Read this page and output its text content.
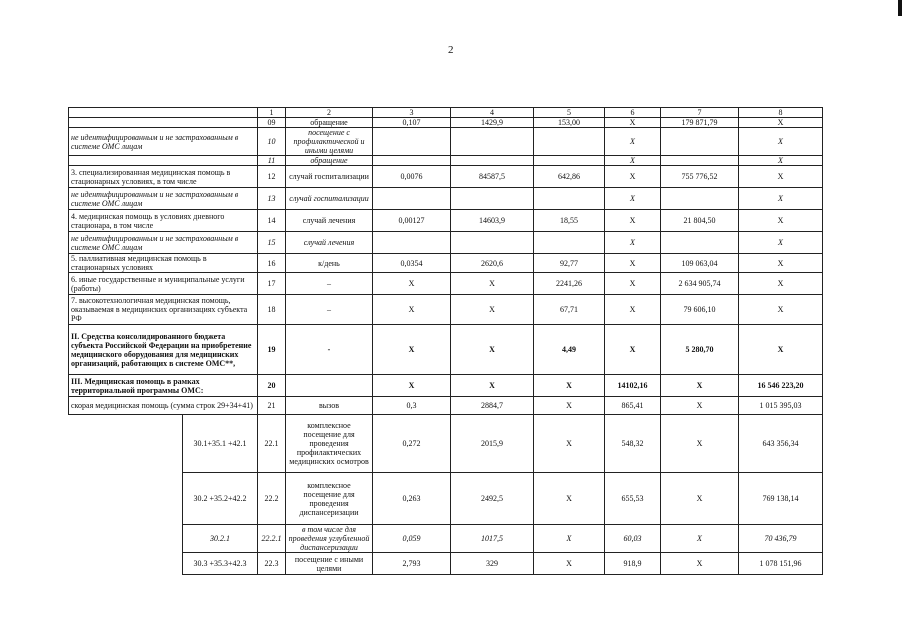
2
		1	2	3	4	5	6	7	8	
		09	обращение	0,107	1429,9	153,00	X	179 871,79	X	
не идентифицированным и не застрахованным в системе ОМС лицам		10	посещение с профилактической и иными целями				X		X	
		11	обращение				X		X	
3. специализированная медицинская помощь в стационарных условиях, в том числе		12	случай госпитализации	0,0076	84587,5	642,86	X	755 776,52	X	
не идентифицированным и не застрахованным в системе ОМС лицам		13	случай госпитализации				X		X	
4. медицинская помощь в условиях дневного стационара, в том числе		14	случай лечения	0,00127	14603,9	18,55	X	21 804,50	X	
не идентифицированным и не застрахованным в системе ОМС лицам		15	случай лечения				X		X	
5. паллиативная медицинская помощь в стационарных условиях		16	к/день	0,0354	2620,6	92,77	X	109 063,04	X	
6. иные государственные и муниципальные услуги (работы)		17	–	X	X	2241,26	X	2 634 905,74	X	
7. высокотехнологичная медицинская помощь, оказываемая в медицинских организациях субъекта РФ		18	–	X	X	67,71	X	79 606,10	X	
II. Средства консолидированного бюджета субъекта Российской Федерации на приобретение медицинского оборудования для медицинских организаций, работающих в системе ОМС**,		19	-	X	X	4,49	X	5 280,70	X	
III. Медицинская помощь в рамках территориальной программы ОМС:		20		X	X	X	14102,16	X	16 546 223,20	
скорая медицинская помощь (сумма строк 29+34+41)		21	вызов	0,3	2884,7	X	865,41	X	1 015 395,03	
	30.1+35.1 +42.1	22.1	комплексное посещение для проведения профилактических медицинских осмотров	0,272	2015,9	X	548,32	X	643 356,34	
	30.2 +35.2+42.2	22.2	комплексное посещение для проведения диспансеризации	0,263	2492,5	X	655,53	X	769 138,14	
	30.2.1	22.2.1	в том числе для проведения углубленной диспансеризации	0,059	1017,5	X	60,03	X	70 436,79	
	30.3 +35.3+42.3	22.3	посещение с иными целями	2,793	329	X	918,9	X	1 078 151,96	
